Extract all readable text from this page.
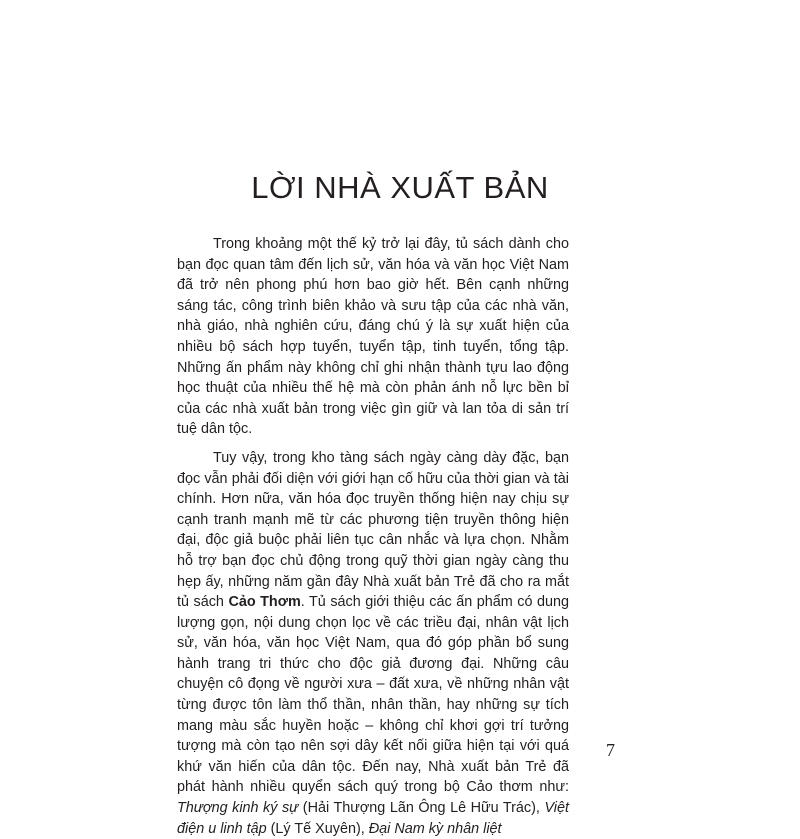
LỜI NHÀ XUẤT BẢN

Trong khoảng một thế kỷ trở lại đây, tủ sách dành cho bạn đọc quan tâm đến lịch sử, văn hóa và văn học Việt Nam đã trở nên phong phú hơn bao giờ hết. Bên cạnh những sáng tác, công trình biên khảo và sưu tập của các nhà văn, nhà giáo, nhà nghiên cứu, đáng chú ý là sự xuất hiện của nhiều bộ sách hợp tuyển, tuyển tập, tinh tuyển, tổng tập. Những ấn phẩm này không chỉ ghi nhận thành tựu lao động học thuật của nhiều thế hệ mà còn phản ánh nỗ lực bền bỉ của các nhà xuất bản trong việc gìn giữ và lan tỏa di sản trí tuệ dân tộc.

Tuy vậy, trong kho tàng sách ngày càng dày đặc, bạn đọc vẫn phải đối diện với giới hạn cố hữu của thời gian và tài chính. Hơn nữa, văn hóa đọc truyền thống hiện nay chịu sự cạnh tranh mạnh mẽ từ các phương tiện truyền thông hiện đại, độc giả buộc phải liên tục cân nhắc và lựa chọn. Nhằm hỗ trợ bạn đọc chủ động trong quỹ thời gian ngày càng thu hẹp ấy, những năm gần đây Nhà xuất bản Trẻ đã cho ra mắt tủ sách Cảo Thơm. Tủ sách giới thiệu các ấn phẩm có dung lượng gọn, nội dung chọn lọc về các triều đại, nhân vật lịch sử, văn hóa, văn học Việt Nam, qua đó góp phần bổ sung hành trang tri thức cho độc giả đương đại. Những câu chuyện cô đọng về người xưa – đất xưa, về những nhân vật từng được tôn làm thổ thần, nhân thần, hay những sự tích mang màu sắc huyền hoặc – không chỉ khơi gợi trí tưởng tượng mà còn tạo nên sợi dây kết nối giữa hiện tại với quá khứ văn hiến của dân tộc. Đến nay, Nhà xuất bản Trẻ đã phát hành nhiều quyển sách quý trong bộ Cảo thơm như: Thượng kinh ký sự (Hải Thượng Lãn Ông Lê Hữu Trác), Việt điện u linh tập (Lý Tế Xuyên), Đại Nam kỳ nhân liệt

7
